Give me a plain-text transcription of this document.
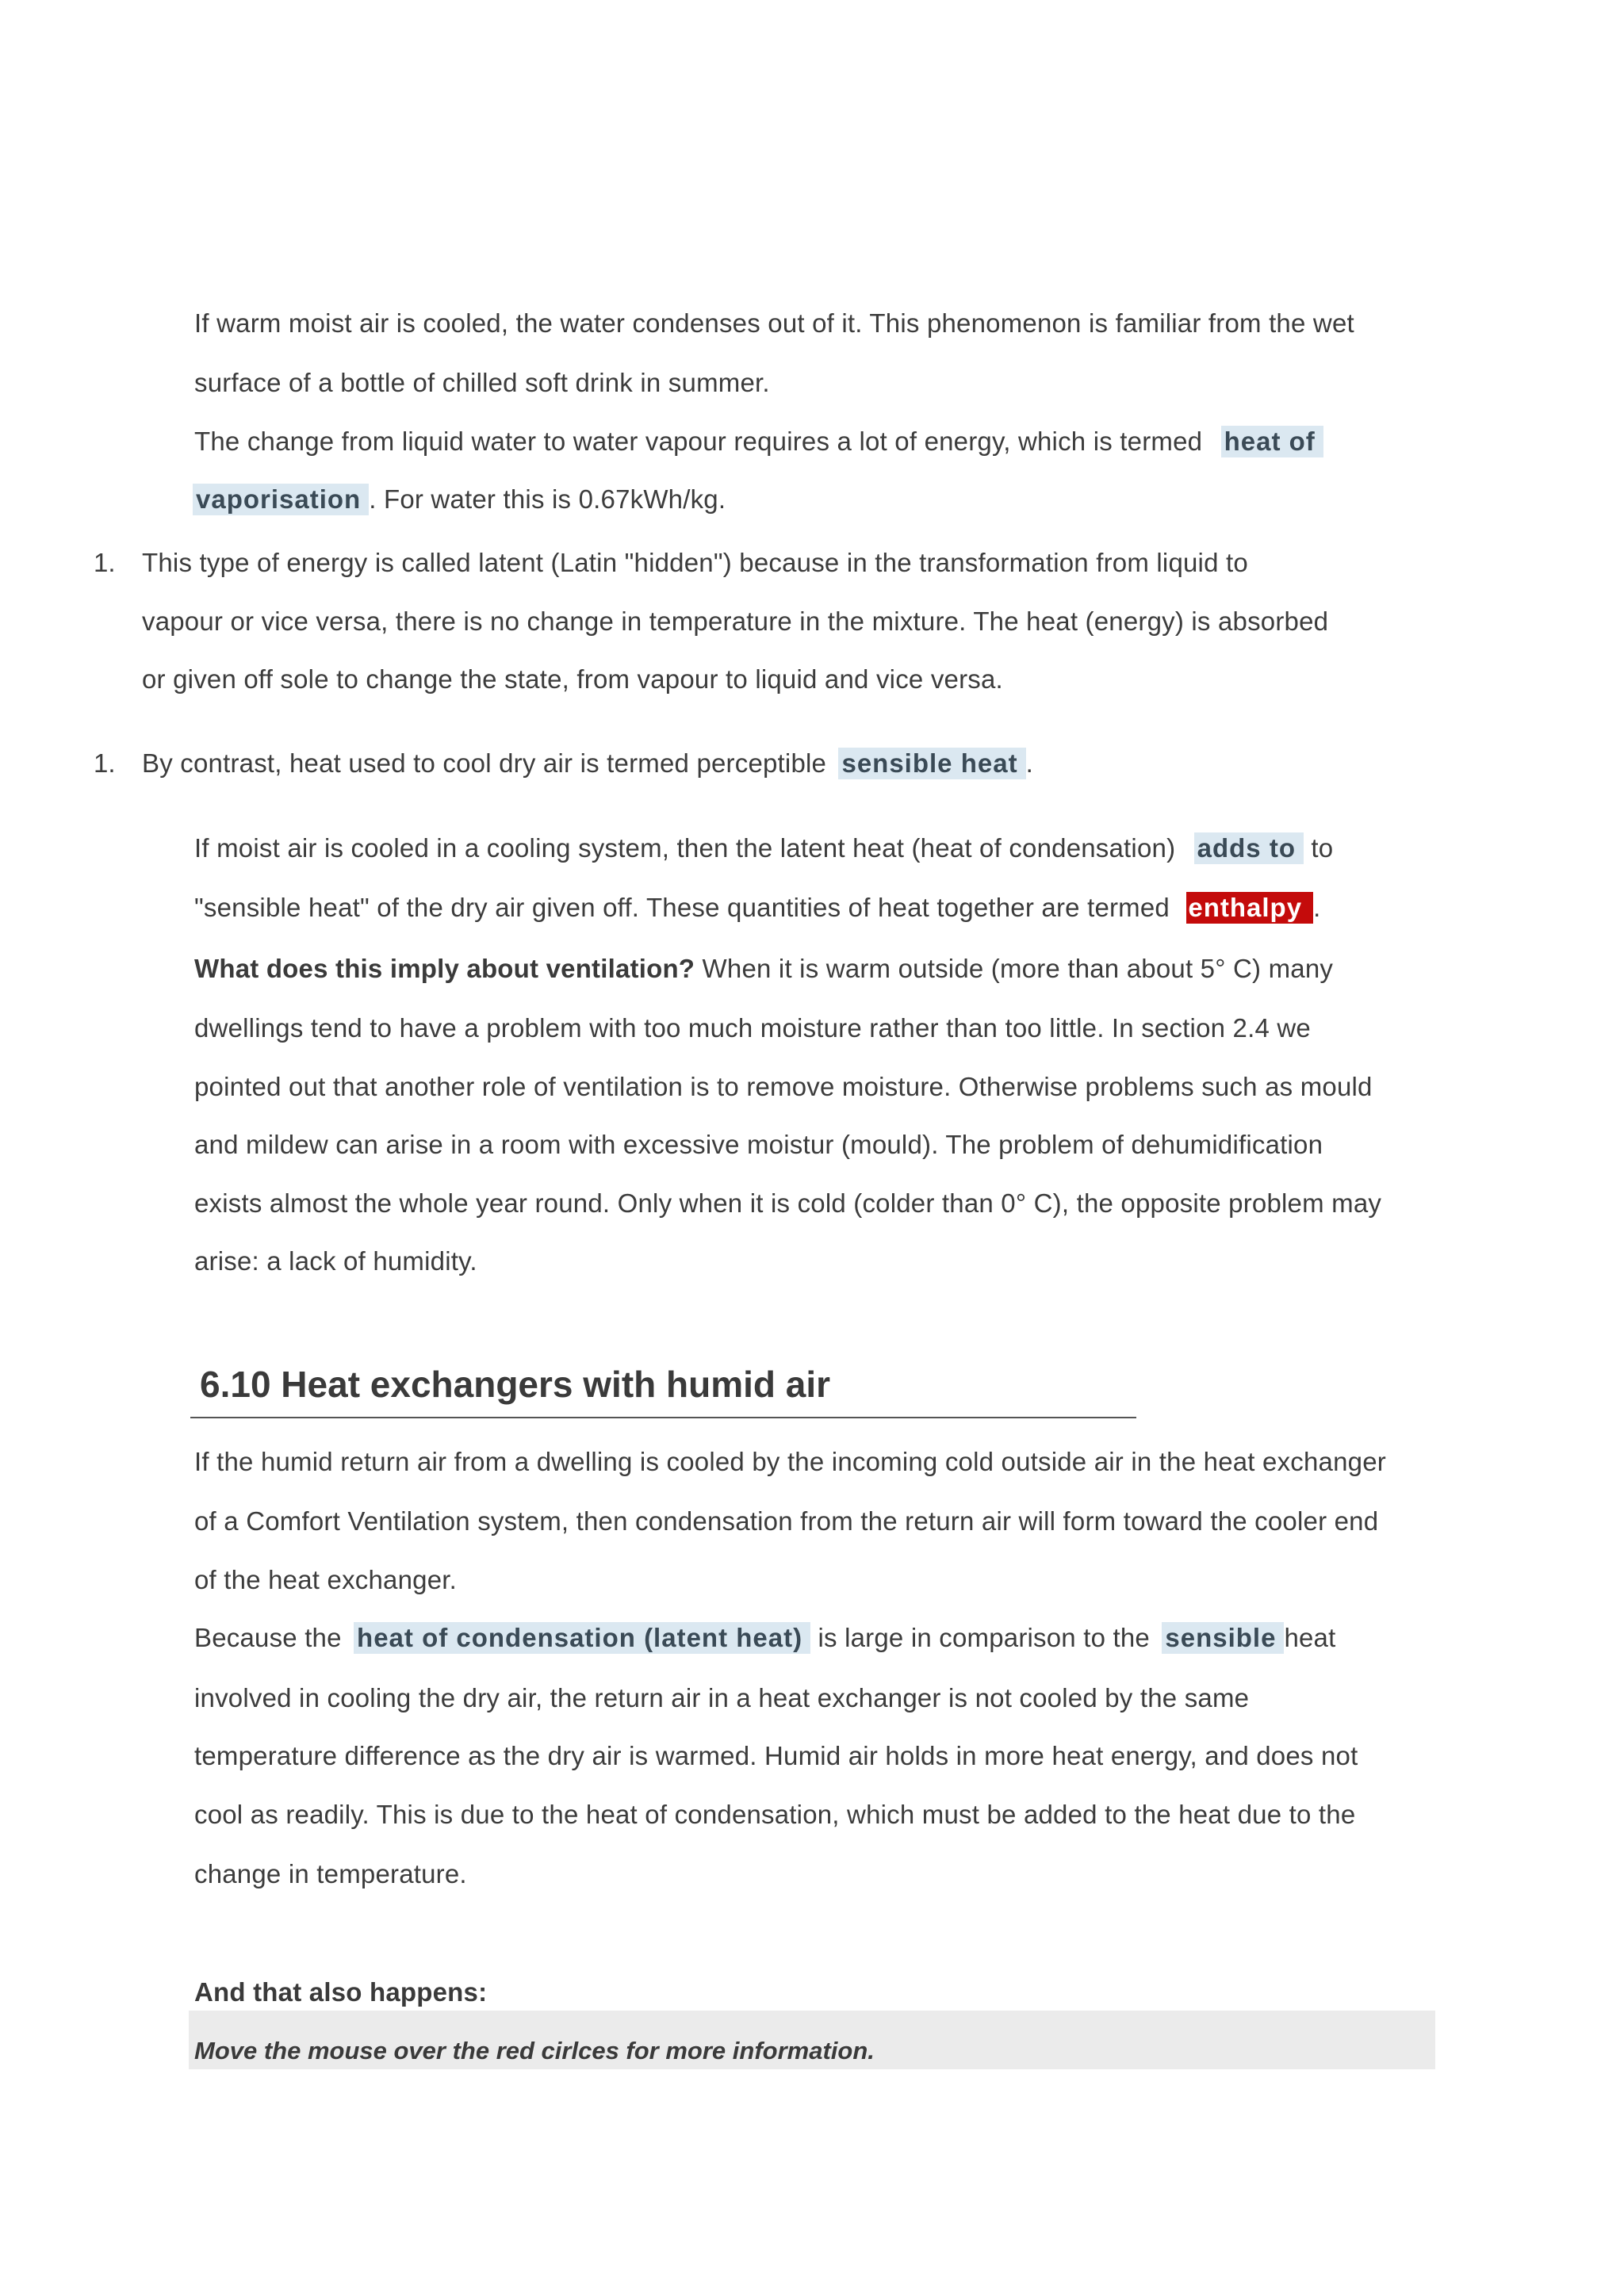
If warm moist air is cooled, the water condenses out of it. This phenomenon is familiar from the wet
surface of a bottle of chilled soft drink in summer.
The change from liquid water to water vapour requires a lot of energy, which is termed heat of
vaporisation . For water this is 0.67kWh/kg.
1. This type of energy is called latent (Latin "hidden") because in the transformation from liquid to
vapour or vice versa, there is no change in temperature in the mixture. The heat (energy) is absorbed
or given off sole to change the state, from vapour to liquid and vice versa.
1. By contrast, heat used to cool dry air is termed perceptible sensible heat .
If moist air is cooled in a cooling system, then the latent heat (heat of condensation) adds to to
"sensible heat" of the dry air given off. These quantities of heat together are termed enthalpy .
What does this imply about ventilation? When it is warm outside (more than about 5° C) many
dwellings tend to have a problem with too much moisture rather than too little. In section 2.4 we
pointed out that another role of ventilation is to remove moisture. Otherwise problems such as mould
and mildew can arise in a room with excessive moistur (mould). The problem of dehumidification
exists almost the whole year round. Only when it is cold (colder than 0° C), the opposite problem may
arise: a lack of humidity.
6.10 Heat exchangers with humid air
If the humid return air from a dwelling is cooled by the incoming cold outside air in the heat exchanger
of a Comfort Ventilation system, then condensation from the return air will form toward the cooler end
of the heat exchanger.
Because the heat of condensation (latent heat) is large in comparison to the sensible heat
involved in cooling the dry air, the return air in a heat exchanger is not cooled by the same
temperature difference as the dry air is warmed. Humid air holds in more heat energy, and does not
cool as readily. This is due to the heat of condensation, which must be added to the heat due to the
change in temperature.
And that also happens:
Move the mouse over the red cirlces for more information.
